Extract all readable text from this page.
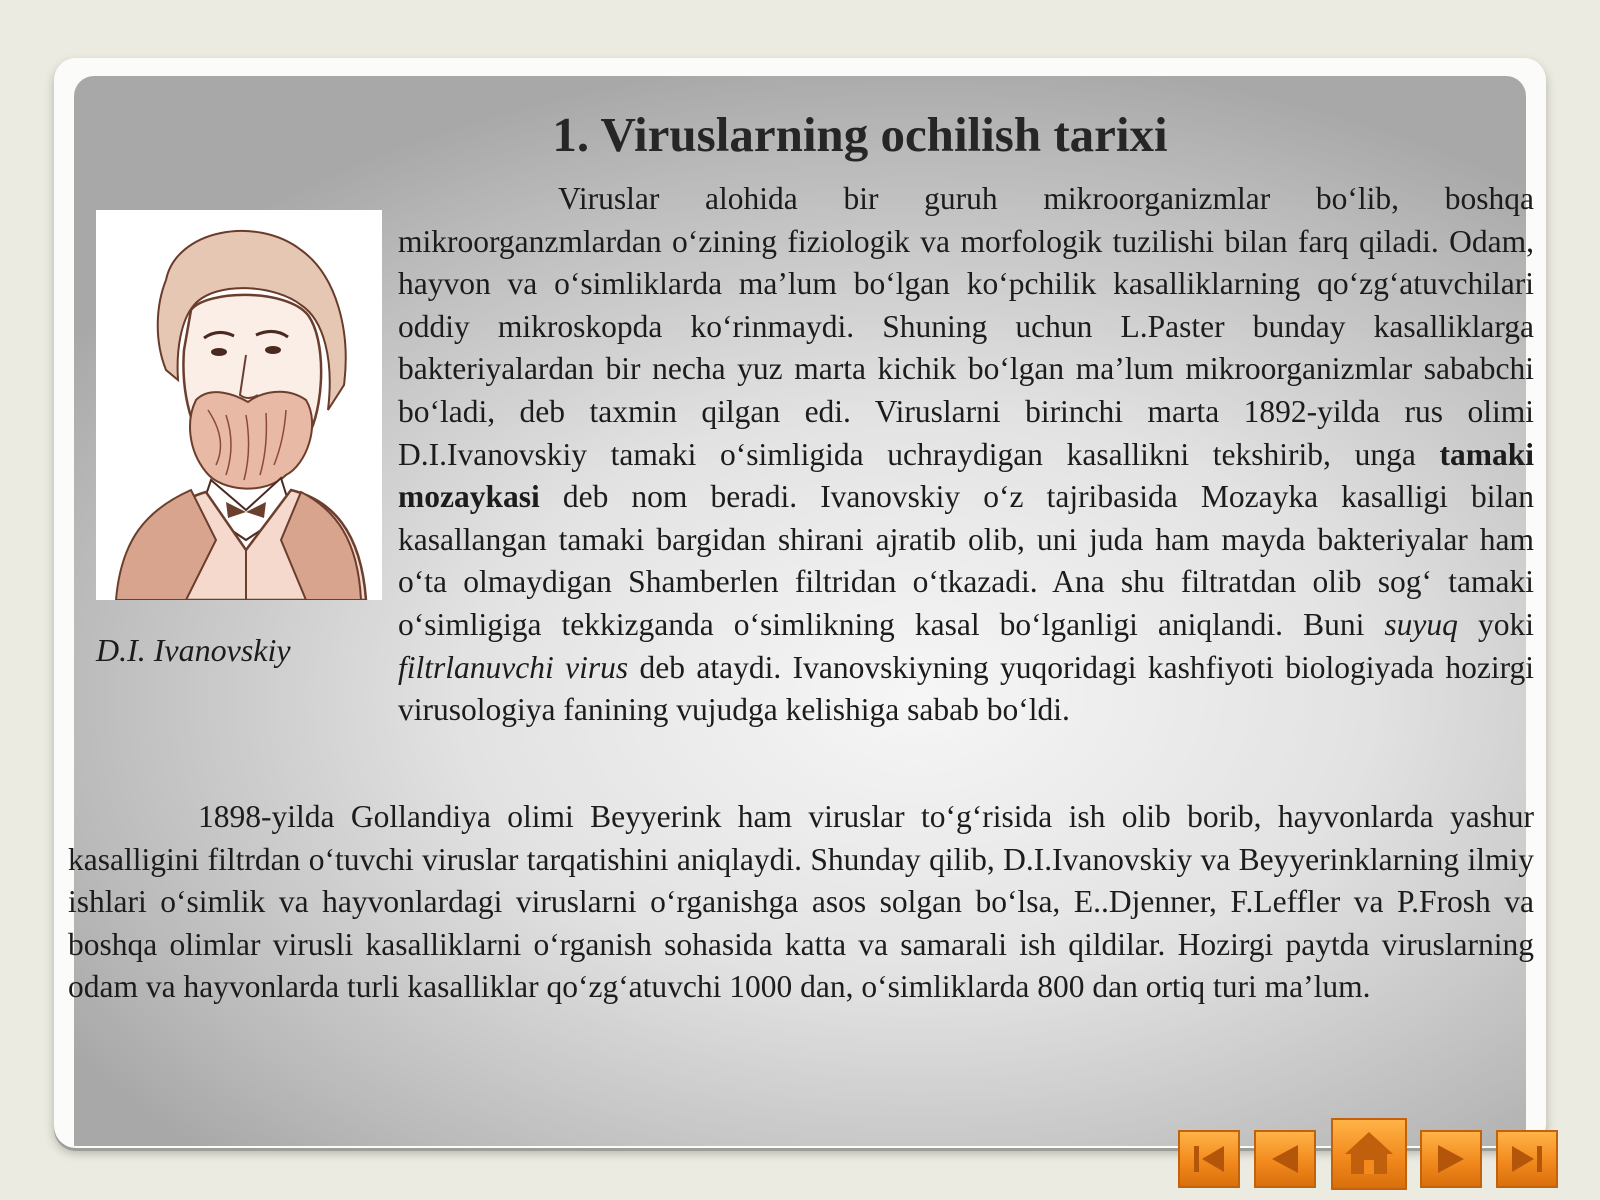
1. Viruslarning ochilish tarixi
D.I. Ivanovskiy

Viruslar alohida bir guruh mikroorganizmlar bo‘lib, boshqa mikroorganzmlardan o‘zining fiziologik va morfologik tuzilishi bilan farq qiladi. Odam, hayvon va o‘simliklarda ma’lum bo‘lgan ko‘pchilik kasalliklarning qo‘zg‘atuvchilari oddiy mikroskopda ko‘rinmaydi. Shuning uchun L.Paster bunday kasalliklarga bakteriyalardan bir necha yuz marta kichik bo‘lgan ma’lum mikroorganizmlar sababchi bo‘ladi, deb taxmin qilgan edi. Viruslarni birinchi marta 1892-yilda rus olimi D.I.Ivanovskiy tamaki o‘simligida uchraydigan kasallikni tekshirib, unga tamaki mozaykasi deb nom beradi. Ivanovskiy o‘z tajribasida Mozayka kasalligi bilan kasallangan tamaki bargidan shirani ajratib olib, uni juda ham mayda bakteriyalar ham o‘ta olmaydigan Shamberlen filtridan o‘tkazadi. Ana shu filtratdan olib sog‘ tamaki o‘simligiga tekkizganda o‘simlikning kasal bo‘lganligi aniqlandi. Buni suyuq yoki filtrlanuvchi virus deb ataydi. Ivanovskiyning yuqoridagi kashfiyoti biologiyada hozirgi virusologiya fanining vujudga kelishiga sabab bo‘ldi.

1898-yilda Gollandiya olimi Beyyerink ham viruslar to‘g‘risida ish olib borib, hayvonlarda yashur kasalligini filtrdan o‘tuvchi viruslar tarqatishini aniqlaydi. Shunday qilib, D.I.Ivanovskiy va Beyyerinklarning ilmiy ishlari o‘simlik va hayvonlardagi viruslarni o‘rganishga asos solgan bo‘lsa, E..Djenner, F.Leffler va P.Frosh va boshqa olimlar virusli kasalliklarni o‘rganish sohasida katta va samarali ish qildilar. Hozirgi paytda viruslarning odam va hayvonlarda turli kasalliklar qo‘zg‘atuvchi 1000 dan, o‘simliklarda 800 dan ortiq turi ma’lum.
